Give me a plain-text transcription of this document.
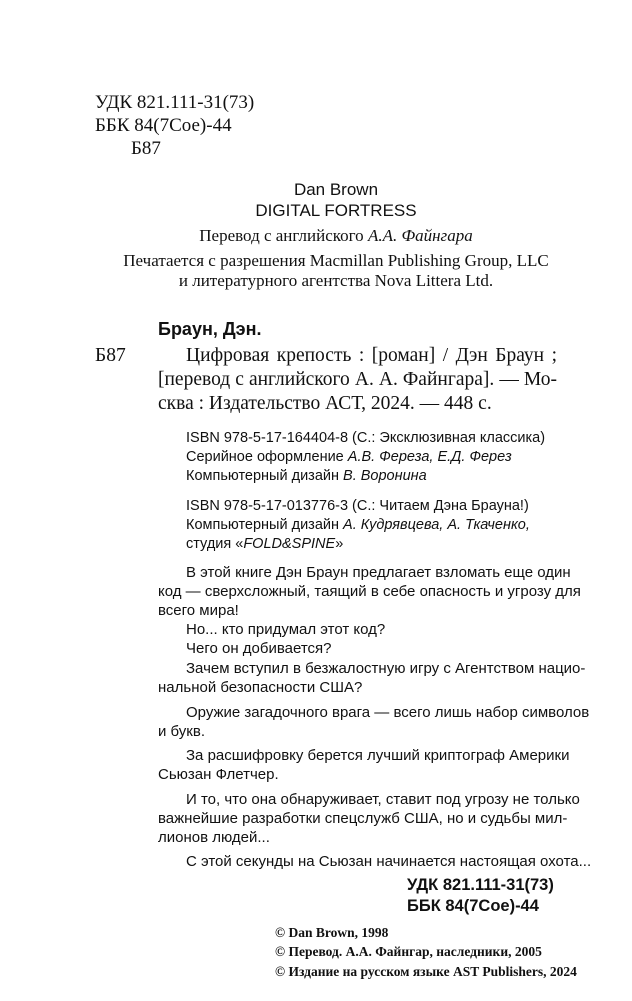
УДК 821.111-31(73)
ББК 84(7Сое)-44
Б87
Dan Brown
DIGITAL FORTRESS
Перевод с английского А.А. Файнгара
Печатается с разрешения Macmillan Publishing Group, LLC
и литературного агентства Nova Littera Ltd.
Браун, Дэн.
Б87	Цифровая крепость : [роман] / Дэн Браун ;
[перевод с английского А. А. Файнгара]. — Мо-
сква : Издательство АСТ, 2024. — 448 с.
ISBN 978-5-17-164404-8 (С.: Эксклюзивная классика)
Серийное оформление А.В. Фереза, Е.Д. Ферез
Компьютерный дизайн В. Воронина
ISBN 978-5-17-013776-3 (С.: Читаем Дэна Брауна!)
Компьютерный дизайн А. Кудрявцева, А. Ткаченко,
студия «FOLD&SPINE»
В этой книге Дэн Браун предлагает взломать еще один
код — сверхсложный, таящий в себе опасность и угрозу для
всего мира!
Но... кто придумал этот код?
Чего он добивается?
Зачем вступил в безжалостную игру с Агентством нацио-
нальной безопасности США?
Оружие загадочного врага — всего лишь набор символов
и букв.
За расшифровку берется лучший криптограф Америки
Сьюзан Флетчер.
И то, что она обнаруживает, ставит под угрозу не только
важнейшие разработки спецслужб США, но и судьбы мил-
лионов людей...
С этой секунды на Сьюзан начинается настоящая охота...
УДК 821.111-31(73)
ББК 84(7Сое)-44
© Dan Brown, 1998
© Перевод. А.А. Файнгар, наследники, 2005
© Издание на русском языке AST Publishers, 2024
